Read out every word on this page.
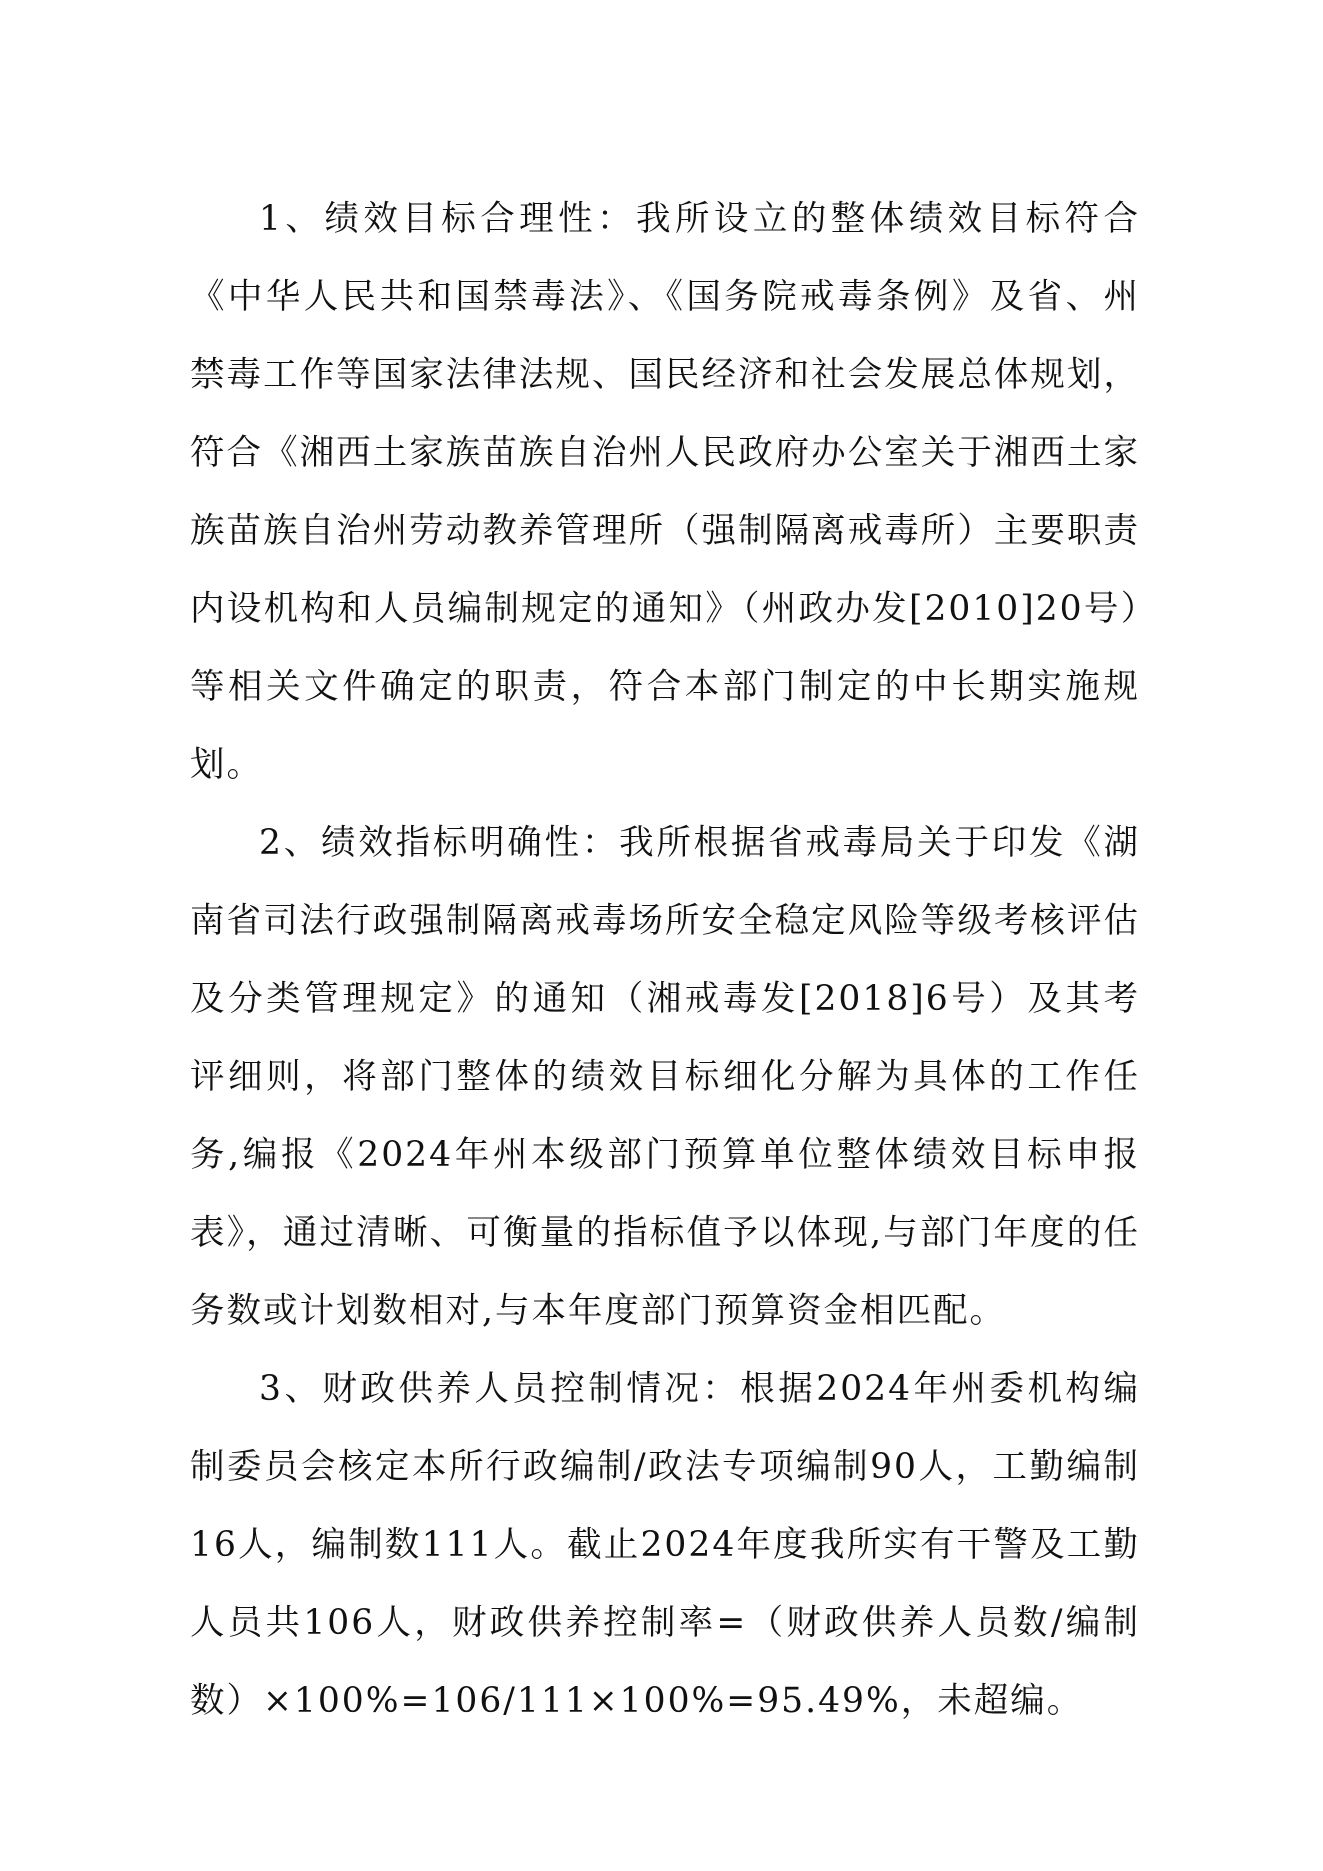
1、绩效目标合理性：我所设立的整体绩效目标符合《中华人民共和国禁毒法》、《国务院戒毒条例》及省、州禁毒工作等国家法律法规、国民经济和社会发展总体规划，符合《湘西土家族苗族自治州人民政府办公室关于湘西土家族苗族自治州劳动教养管理所（强制隔离戒毒所）主要职责内设机构和人员编制规定的通知》（州政办发[2010]20号）等相关文件确定的职责，符合本部门制定的中长期实施规划。

2、绩效指标明确性：我所根据省戒毒局关于印发《湖南省司法行政强制隔离戒毒场所安全稳定风险等级考核评估及分类管理规定》的通知（湘戒毒发[2018]6号）及其考评细则，将部门整体的绩效目标细化分解为具体的工作任务,编报《2024年州本级部门预算单位整体绩效目标申报表》，通过清晰、可衡量的指标值予以体现,与部门年度的任务数或计划数相对,与本年度部门预算资金相匹配。

3、财政供养人员控制情况：根据2024年州委机构编制委员会核定本所行政编制/政法专项编制90人，工勤编制16人，编制数111人。截止2024年度我所实有干警及工勤人员共106人，财政供养控制率=（财政供养人员数/编制数）×100%=106/111×100%=95.49%，未超编。
